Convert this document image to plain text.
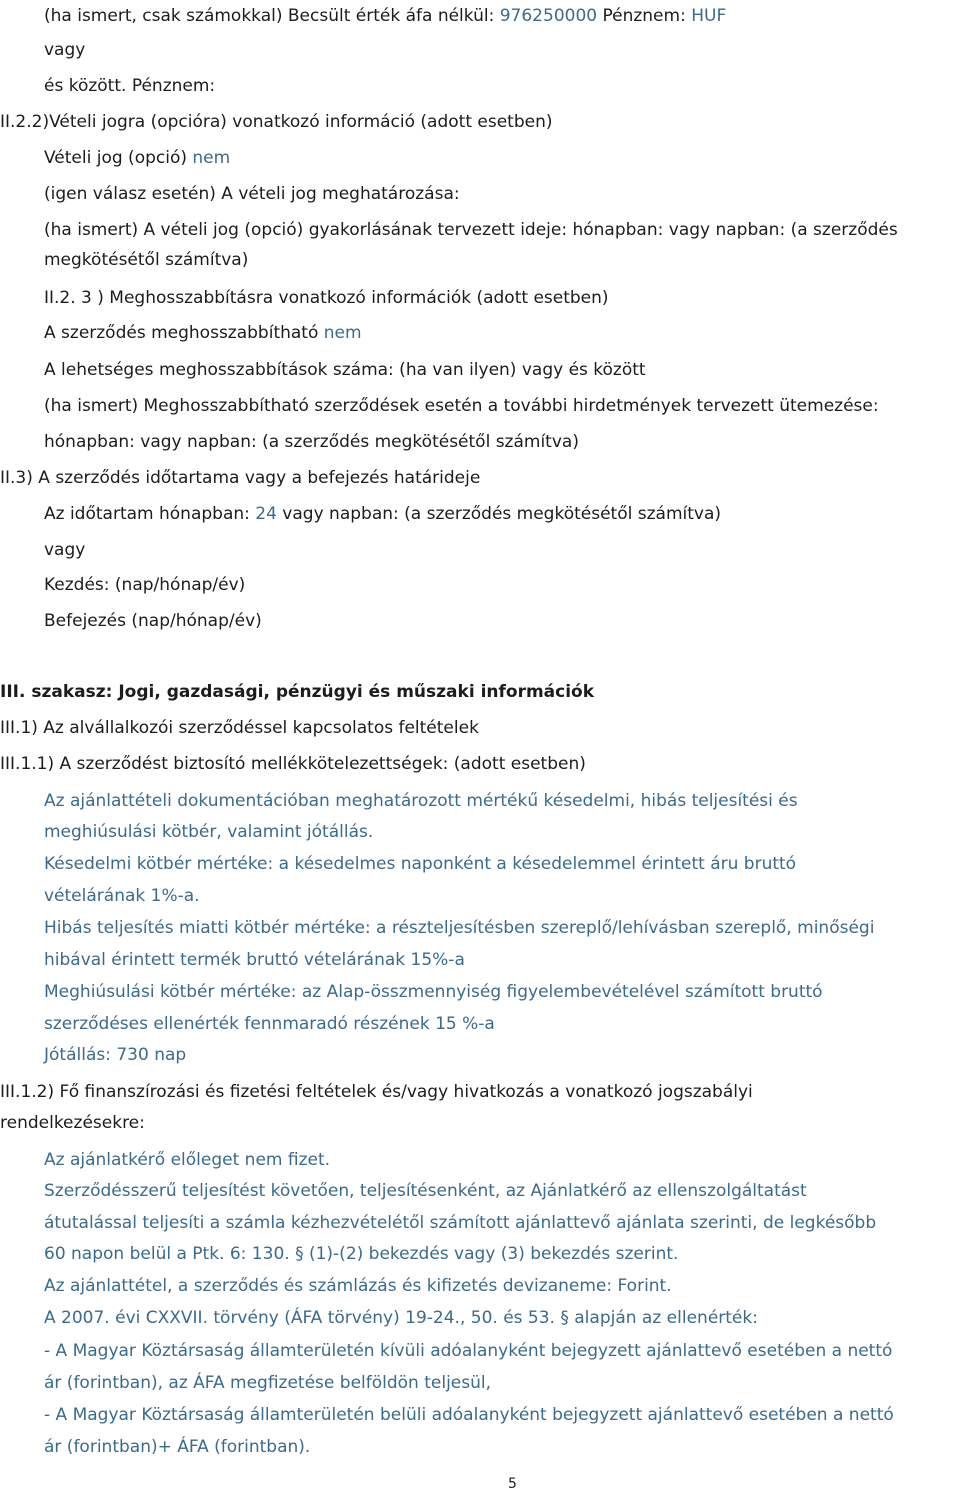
(ha ismert, csak számokkal) Becsült érték áfa nélkül: 976250000 Pénznem: HUF
vagy
és között. Pénznem:
II.2.2)Vételi jogra (opcióra) vonatkozó információ (adott esetben)
Vételi jog (opció) nem
(igen válasz esetén) A vételi jog meghatározása:
(ha ismert) A vételi jog (opció) gyakorlásának tervezett ideje: hónapban: vagy napban: (a szerződés
megkötésétől számítva)
II.2. 3 ) Meghosszabbításra vonatkozó információk (adott esetben)
A szerződés meghosszabbítható nem
A lehetséges meghosszabbítások száma: (ha van ilyen) vagy és között
(ha ismert) Meghosszabbítható szerződések esetén a további hirdetmények tervezett ütemezése:
hónapban: vagy napban: (a szerződés megkötésétől számítva)
II.3) A szerződés időtartama vagy a befejezés határideje
Az időtartam hónapban: 24 vagy napban: (a szerződés megkötésétől számítva)
vagy
Kezdés: (nap/hónap/év)
Befejezés (nap/hónap/év)
III. szakasz: Jogi, gazdasági, pénzügyi és műszaki információk
III.1) Az alvállalkozói szerződéssel kapcsolatos feltételek
III.1.1) A szerződést biztosító mellékkötelezettségek: (adott esetben)
Az ajánlattételi dokumentációban meghatározott mértékű késedelmi, hibás teljesítési és
meghiúsulási kötbér, valamint jótállás.
Késedelmi kötbér mértéke: a késedelmes naponként a késedelemmel érintett áru bruttó
vételárának 1%-a.
Hibás teljesítés miatti kötbér mértéke: a részteljesítésben szereplő/lehívásban szereplő, minőségi
hibával érintett termék bruttó vételárának 15%-a
Meghiúsulási kötbér mértéke: az Alap-összmennyiség figyelembevételével számított bruttó
szerződéses ellenérték fennmaradó részének 15 %-a
Jótállás: 730 nap
III.1.2) Fő finanszírozási és fizetési feltételek és/vagy hivatkozás a vonatkozó jogszabályi
rendelkezésekre:
Az ajánlatkérő előleget nem fizet.
Szerződésszerű teljesítést követően, teljesítésenként, az Ajánlatkérő az ellenszolgáltatást
átutalással teljesíti a számla kézhezvételétől számított ajánlattevő ajánlata szerinti, de legkésőbb
60 napon belül a Ptk. 6: 130. § (1)-(2) bekezdés vagy (3) bekezdés szerint.
Az ajánlattétel, a szerződés és számlázás és kifizetés devizaneme: Forint.
A 2007. évi CXXVII. törvény (ÁFA törvény) 19-24., 50. és 53. § alapján az ellenérték:
- A Magyar Köztársaság államterületén kívüli adóalanyként bejegyzett ajánlattevő esetében a nettó
ár (forintban), az ÁFA megfizetése belföldön teljesül,
- A Magyar Köztársaság államterületén belüli adóalanyként bejegyzett ajánlattevő esetében a nettó
ár (forintban)+ ÁFA (forintban).
5
